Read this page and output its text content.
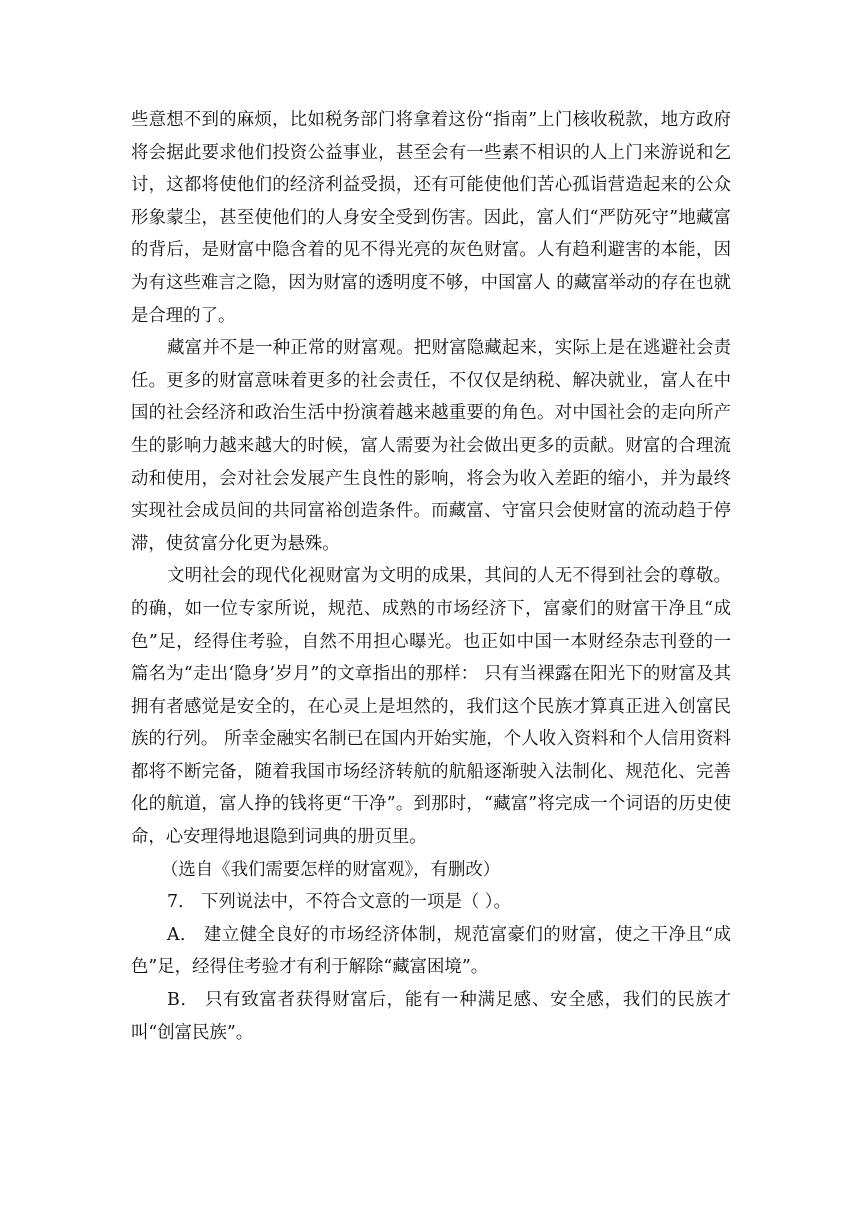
些意想不到的麻烦，比如税务部门将拿着这份“指南”上门核收税款，地方政府将会据此要求他们投资公益事业，甚至会有一些素不相识的人上门来游说和乞讨，这都将使他们的经济利益受损，还有可能使他们苦心孤诣营造起来的公众形象蒙尘，甚至使他们的人身安全受到伤害。因此，富人们“严防死守”地藏富的背后，是财富中隐含着的见不得光亮的灰色财富。人有趋利避害的本能，因为有这些难言之隐，因为财富的透明度不够，中国富人 的藏富举动的存在也就是合理的了。

藏富并不是一种正常的财富观。把财富隐藏起来，实际上是在逃避社会责任。更多的财富意味着更多的社会责任，不仅仅是纳税、解决就业，富人在中国的社会经济和政治生活中扮演着越来越重要的角色。对中国社会的走向所产生的影响力越来越大的时候，富人需要为社会做出更多的贡献。财富的合理流动和使用，会对社会发展产生良性的影响，将会为收入差距的缩小，并为最终实现社会成员间的共同富裕创造条件。而藏富、守富只会使财富的流动趋于停滞，使贫富分化更为悬殊。

文明社会的现代化视财富为文明的成果，其间的人无不得到社会的尊敬。的确，如一位专家所说，规范、成熟的市场经济下，富豪们的财富干净且“成色”足，经得住考验，自然不用担心曝光。也正如中国一本财经杂志刊登的一篇名为“走出‘隐身’岁月”的文章指出的那样： 只有当裸露在阳光下的财富及其拥有者感觉是安全的，在心灵上是坦然的，我们这个民族才算真正进入创富民族的行列。 所幸金融实名制已在国内开始实施，个人收入资料和个人信用资料都将不断完备，随着我国市场经济转航的航船逐渐驶入法制化、规范化、完善化的航道，富人挣的钱将更“干净”。到那时，“藏富”将完成一个词语的历史使命，心安理得地退隐到词典的册页里。

（选自《我们需要怎样的财富观》，有删改）

7． 下列说法中，不符合文意的一项是（ ）。

A． 建立健全良好的市场经济体制，规范富豪们的财富，使之干净且“成色”足，经得住考验才有利于解除“藏富困境”。

B． 只有致富者获得财富后，能有一种满足感、安全感，我们的民族才叫“创富民族”。
